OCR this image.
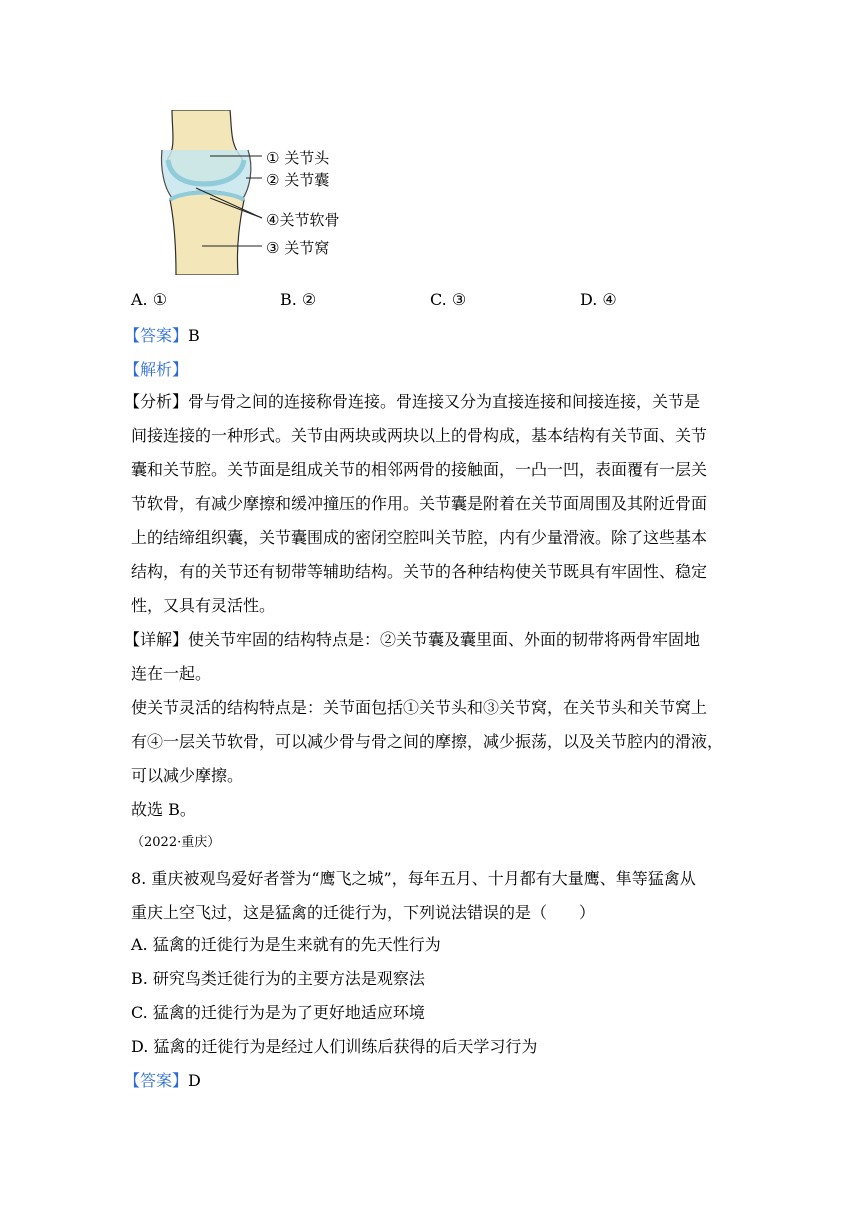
① 关节头
② 关节囊
④关节软骨
③ 关节窝
A. ①	B. ②	C. ③	D. ④
【答案】B
【解析】
【分析】骨与骨之间的连接称骨连接。骨连接又分为直接连接和间接连接，关节是
间接连接的一种形式。关节由两块或两块以上的骨构成，基本结构有关节面、关节
囊和关节腔。关节面是组成关节的相邻两骨的接触面，一凸一凹，表面覆有一层关
节软骨，有减少摩擦和缓冲撞压的作用。关节囊是附着在关节面周围及其附近骨面
上的结缔组织囊，关节囊围成的密闭空腔叫关节腔，内有少量滑液。除了这些基本
结构，有的关节还有韧带等辅助结构。关节的各种结构使关节既具有牢固性、稳定
性，又具有灵活性。
【详解】使关节牢固的结构特点是：②关节囊及囊里面、外面的韧带将两骨牢固地
连在一起。
使关节灵活的结构特点是：关节面包括①关节头和③关节窝，在关节头和关节窝上
有④一层关节软骨，可以减少骨与骨之间的摩擦，减少振荡，以及关节腔内的滑液，
可以减少摩擦。
故选 B。
（2022·重庆）
8. 重庆被观鸟爱好者誉为“鹰飞之城”，每年五月、十月都有大量鹰、隼等猛禽从
重庆上空飞过，这是猛禽的迁徙行为，下列说法错误的是（　　）
A. 猛禽的迁徙行为是生来就有的先天性行为
B. 研究鸟类迁徙行为的主要方法是观察法
C. 猛禽的迁徙行为是为了更好地适应环境
D. 猛禽的迁徙行为是经过人们训练后获得的后天学习行为
【答案】D
